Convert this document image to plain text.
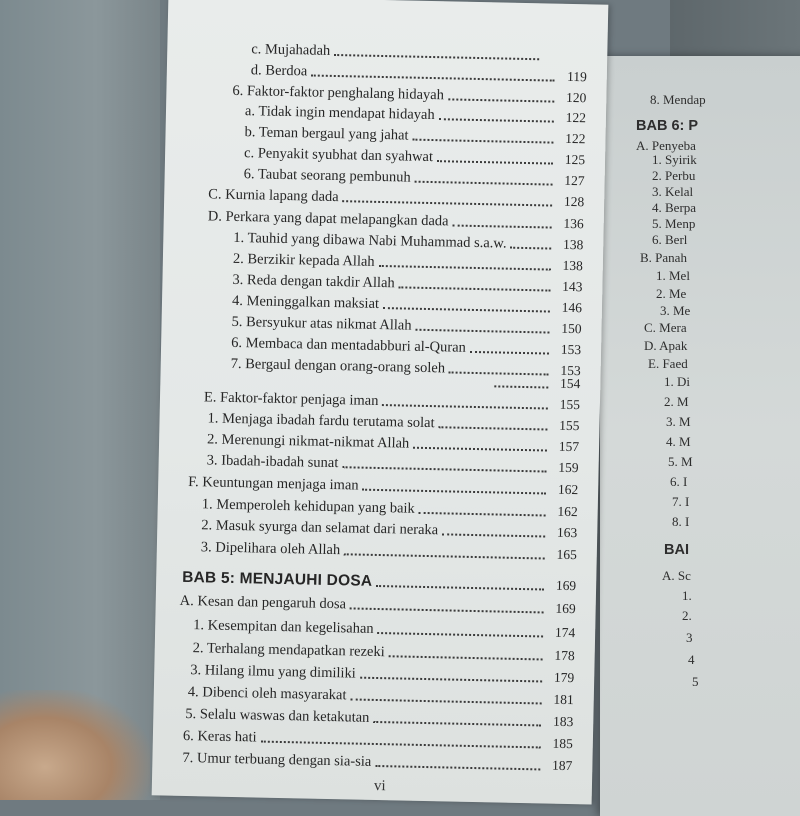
8. Mendap
BAB 6: P
A. Penyeba
1. Syirik
2. Perbu
3. Kelal
4. Berpa
5. Menp
6. Berl
B. Panah
1. Mel
2. Me
3. Me
C. Mera
D. Apak
E. Faed
1. Di
2. M
3. M
4. M
5. M
6. I
7. I
8. I
BAI
A. Sc
1.
2.
3
4
5
c. Mujahadah
d. Berdoa	119
6. Faktor-faktor penghalang hidayah	120
a. Tidak ingin mendapat hidayah	122
b. Teman bergaul yang jahat	122
c. Penyakit syubhat dan syahwat	125
6. Taubat seorang pembunuh	127
C. Kurnia lapang dada	128
D. Perkara yang dapat melapangkan dada	136
1. Tauhid yang dibawa Nabi Muhammad s.a.w.	138
2. Berzikir kepada Allah	138
3. Reda dengan takdir Allah	143
4. Meninggalkan maksiat	146
5. Bersyukur atas nikmat Allah	150
6. Membaca dan mentadabburi al-Quran	153
7. Bergaul dengan orang-orang soleh	153
154
E. Faktor-faktor penjaga iman	155
1. Menjaga ibadah fardu terutama solat	155
2. Merenungi nikmat-nikmat Allah	157
3. Ibadah-ibadah sunat	159
F. Keuntungan menjaga iman	162
1. Memperoleh kehidupan yang baik	162
2. Masuk syurga dan selamat dari neraka	163
3. Dipelihara oleh Allah	165
BAB 5: MENJAUHI DOSA	169
A. Kesan dan pengaruh dosa	169
1. Kesempitan dan kegelisahan	174
2. Terhalang mendapatkan rezeki	178
3. Hilang ilmu yang dimiliki	179
4. Dibenci oleh masyarakat	181
5. Selalu waswas dan ketakutan	183
6. Keras hati	185
7. Umur terbuang dengan sia-sia	187
vi
